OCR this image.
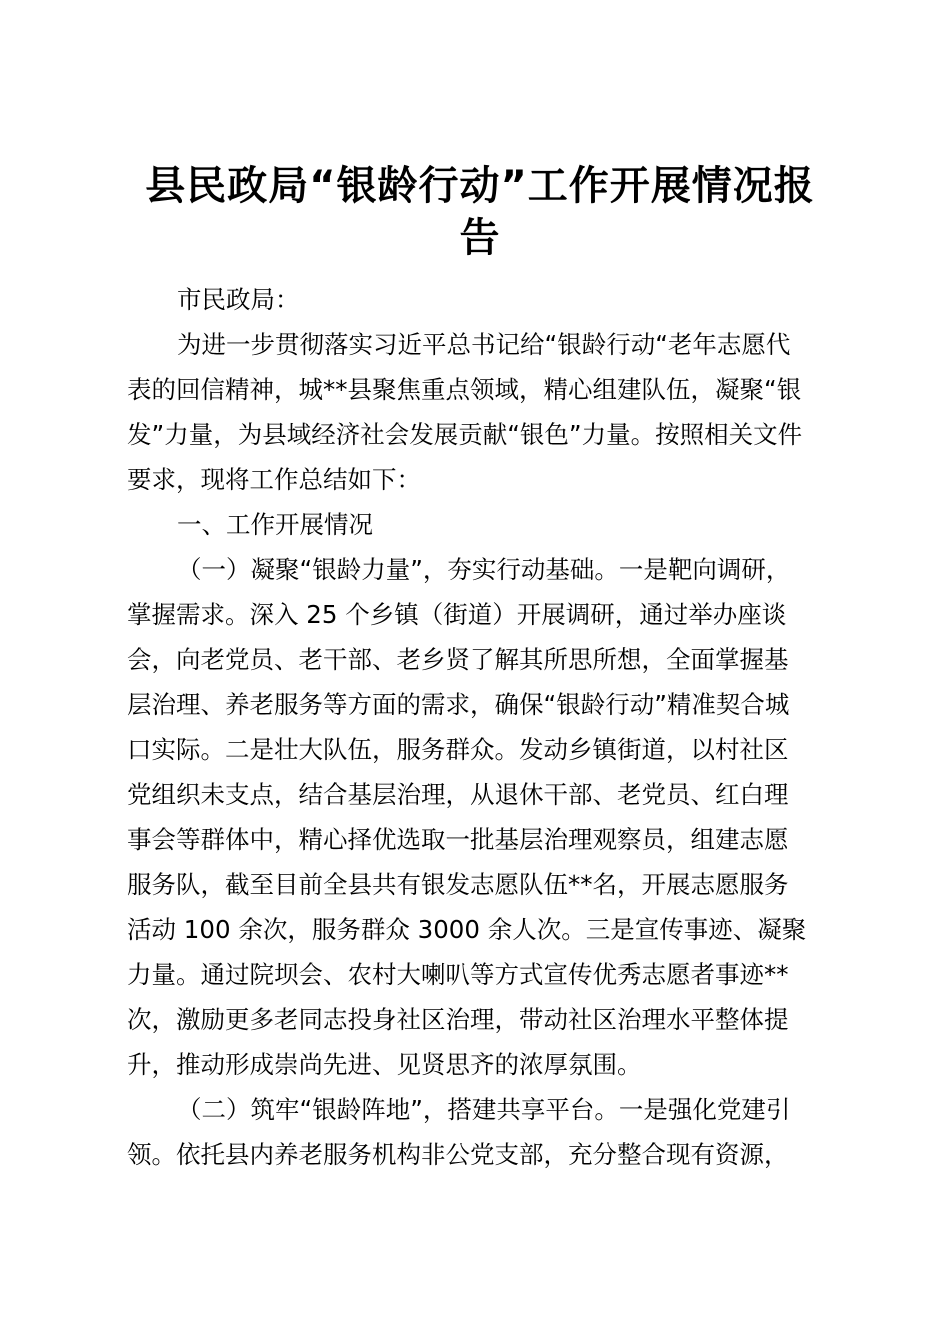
县民政局“银龄行动”工作开展情况报
告
市民政局：
为进一步贯彻落实习近平总书记给“银龄行动“老年志愿代
表的回信精神，城**县聚焦重点领域，精心组建队伍，凝聚“银
发”力量，为县域经济社会发展贡献“银色”力量。按照相关文件
要求，现将工作总结如下：
一、工作开展情况
（一）凝聚“银龄力量”，夯实行动基础。一是靶向调研，
掌握需求。深入 25 个乡镇（街道）开展调研，通过举办座谈
会，向老党员、老干部、老乡贤了解其所思所想，全面掌握基
层治理、养老服务等方面的需求，确保“银龄行动”精准契合城
口实际。二是壮大队伍，服务群众。发动乡镇街道，以村社区
党组织未支点，结合基层治理，从退休干部、老党员、红白理
事会等群体中，精心择优选取一批基层治理观察员，组建志愿
服务队，截至目前全县共有银发志愿队伍**名，开展志愿服务
活动 100 余次，服务群众 3000 余人次。三是宣传事迹、凝聚
力量。通过院坝会、农村大喇叭等方式宣传优秀志愿者事迹**
次，激励更多老同志投身社区治理，带动社区治理水平整体提
升，推动形成崇尚先进、见贤思齐的浓厚氛围。
（二）筑牢“银龄阵地”，搭建共享平台。一是强化党建引
领。依托县内养老服务机构非公党支部，充分整合现有资源，
